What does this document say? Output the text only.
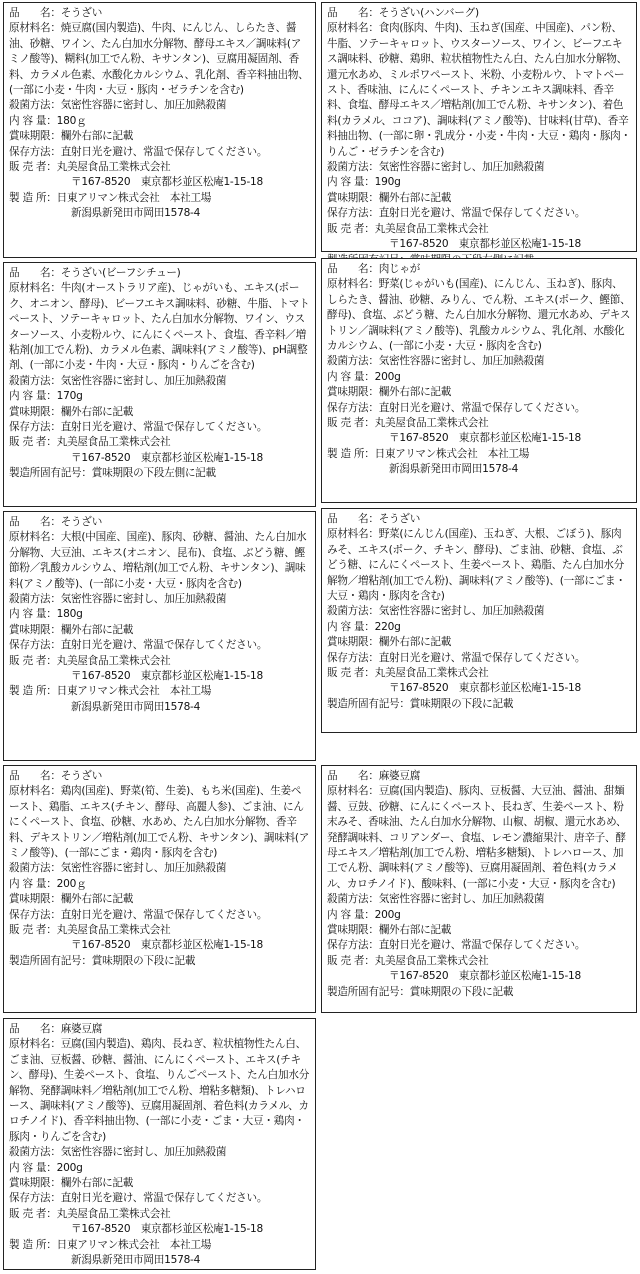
品　　名：そうざい
原材料名：焼豆腐(国内製造)、牛肉、にんじん、しらたき、醤油、砂糖、ワイン、たん白加水分解物、酵母エキス／調味料(アミノ酸等)、糊料(加工でん粉、キサンタン)、豆腐用凝固剤、香料、カラメル色素、水酸化カルシウム、乳化剤、香辛料抽出物、(一部に小麦・牛肉・大豆・豚肉・ゼラチンを含む)
殺菌方法：気密性容器に密封し、加圧加熱殺菌
内 容 量：180ｇ
賞味期限：欄外右部に記載
保存方法：直射日光を避け、常温で保存してください。
販 売 者：丸美屋食品工業株式会社
〒167-8520　東京都杉並区松庵1-15-18
製 造 所：日東アリマン株式会社　本社工場
新潟県新発田市岡田1578-4
品　　名：そうざい(ハンバーグ)
原材料名：食肉(豚肉、牛肉)、玉ねぎ(国産、中国産)、パン粉、牛脂、ソテーキャロット、ウスターソース、ワイン、ビーフエキス調味料、砂糖、鶏卵、粒状植物性たん白、たん白加水分解物、還元水あめ、ミルポワペースト、米粉、小麦粉ルウ、トマトペースト、香味油、にんにくペースト、チキンエキス調味料、香辛料、食塩、酵母エキス／増粘剤(加工でん粉、キサンタン)、着色料(カラメル、ココア)、調味料(アミノ酸等)、甘味料(甘草)、香辛料抽出物、(一部に卵・乳成分・小麦・牛肉・大豆・鶏肉・豚肉・りんご・ゼラチンを含む)
殺菌方法：気密性容器に密封し、加圧加熱殺菌
内 容 量：190g
賞味期限：欄外右部に記載
保存方法：直射日光を避け、常温で保存してください。
販 売 者：丸美屋食品工業株式会社
〒167-8520　東京都杉並区松庵1-15-18
品　　名：そうざい(ビーフシチュー)
原材料名：牛肉(オーストラリア産)、じゃがいも、エキス(ポーク、オニオン、酵母)、ビーフエキス調味料、砂糖、牛脂、トマトペースト、ソテーキャロット、たん白加水分解物、ワイン、ウスターソース、小麦粉ルウ、にんにくペースト、食塩、香辛料／増粘剤(加工でん粉)、カラメル色素、調味料(アミノ酸等)、pH調整剤、(一部に小麦・牛肉・大豆・豚肉・りんごを含む)
殺菌方法：気密性容器に密封し、加圧加熱殺菌
内 容 量：170g
賞味期限：欄外右部に記載
保存方法：直射日光を避け、常温で保存してください。
販 売 者：丸美屋食品工業株式会社
〒167-8520　東京都杉並区松庵1-15-18
製造所固有記号：賞味期限の下段左側に記載
品　　名：肉じゃが
原材料名：野菜(じゃがいも(国産)、にんじん、玉ねぎ)、豚肉、しらたき、醤油、砂糖、みりん、でん粉、エキス(ポーク、鰹節、酵母)、食塩、ぶどう糖、たん白加水分解物、還元水あめ、デキストリン／調味料(アミノ酸等)、乳酸カルシウム、乳化剤、水酸化カルシウム、(一部に小麦・大豆・豚肉を含む)
殺菌方法：気密性容器に密封し、加圧加熱殺菌
内 容 量：200g
賞味期限：欄外右部に記載
保存方法：直射日光を避け、常温で保存してください。
販 売 者：丸美屋食品工業株式会社
〒167-8520　東京都杉並区松庵1-15-18
製 造 所：日東アリマン株式会社　本社工場
新潟県新発田市岡田1578-4
品　　名：そうざい
原材料名：大根(中国産、国産)、豚肉、砂糖、醤油、たん白加水分解物、大豆油、エキス(オニオン、昆布)、食塩、ぶどう糖、鰹節粉／乳酸カルシウム、増粘剤(加工でん粉、キサンタン)、調味料(アミノ酸等)、(一部に小麦・大豆・豚肉を含む)
殺菌方法：気密性容器に密封し、加圧加熱殺菌
内 容 量：180g
賞味期限：欄外右部に記載
保存方法：直射日光を避け、常温で保存してください。
販 売 者：丸美屋食品工業株式会社
〒167-8520　東京都杉並区松庵1-15-18
製 造 所：日東アリマン株式会社　本社工場
新潟県新発田市岡田1578-4
品　　名：そうざい
原材料名：野菜(にんじん(国産)、玉ねぎ、大根、ごぼう)、豚肉みそ、エキス(ポーク、チキン、酵母)、ごま油、砂糖、食塩、ぶどう糖、にんにくペースト、生姜ペースト、鶏脂、たん白加水分解物／増粘剤(加工でん粉)、調味料(アミノ酸等)、(一部にごま・大豆・鶏肉・豚肉を含む)
殺菌方法：気密性容器に密封し、加圧加熱殺菌
内 容 量：220g
賞味期限：欄外右部に記載
保存方法：直射日光を避け、常温で保存してください。
販 売 者：丸美屋食品工業株式会社
〒167-8520　東京都杉並区松庵1-15-18
製造所固有記号：賞味期限の下段に記載
品　　名：そうざい
原材料名：鶏肉(国産)、野菜(筍、生姜)、もち米(国産)、生姜ペースト、鶏脂、エキス(チキン、酵母、高麗人参)、ごま油、にんにくペースト、食塩、砂糖、水あめ、たん白加水分解物、香辛料、デキストリン／増粘剤(加工でん粉、キサンタン)、調味料(アミノ酸等)、(一部にごま・鶏肉・豚肉を含む)
殺菌方法：気密性容器に密封し、加圧加熱殺菌
内 容 量：200ｇ
賞味期限：欄外右部に記載
保存方法：直射日光を避け、常温で保存してください。
販 売 者：丸美屋食品工業株式会社
〒167-8520　東京都杉並区松庵1-15-18
製造所固有記号：賞味期限の下段に記載
品　　名：麻婆豆腐
原材料名：豆腐(国内製造)、豚肉、豆板醤、大豆油、醤油、甜麺醤、豆鼓、砂糖、にんにくペースト、長ねぎ、生姜ペースト、粉末みそ、香味油、たん白加水分解物、山椒、胡椒、還元水あめ、発酵調味料、コリアンダー、食塩、レモン濃縮果汁、唐辛子、酵母エキス／増粘剤(加工でん粉、増粘多糖類)、トレハロース、加工でん粉、調味料(アミノ酸等)、豆腐用凝固剤、着色料(カラメル、カロチノイド)、酸味料、(一部に小麦・大豆・豚肉を含む)
殺菌方法：気密性容器に密封し、加圧加熱殺菌
内 容 量：200g
賞味期限：欄外右部に記載
保存方法：直射日光を避け、常温で保存してください。
販 売 者：丸美屋食品工業株式会社
〒167-8520　東京都杉並区松庵1-15-18
製造所固有記号：賞味期限の下段に記載
品　　名：麻婆豆腐
原材料名：豆腐(国内製造)、鶏肉、長ねぎ、粒状植物性たん白、ごま油、豆板醤、砂糖、醤油、にんにくペースト、エキス(チキン、酵母)、生姜ペースト、食塩、りんごペースト、たん白加水分解物、発酵調味料／増粘剤(加工でん粉、増粘多糖類)、トレハロース、調味料(アミノ酸等)、豆腐用凝固剤、着色料(カラメル、カロチノイド)、香辛料抽出物、(一部に小麦・ごま・大豆・鶏肉・豚肉・りんごを含む)
殺菌方法：気密性容器に密封し、加圧加熱殺菌
内 容 量：200g
賞味期限：欄外右部に記載
保存方法：直射日光を避け、常温で保存してください。
販 売 者：丸美屋食品工業株式会社
〒167-8520　東京都杉並区松庵1-15-18
製 造 所：日東アリマン株式会社　本社工場
新潟県新発田市岡田1578-4
